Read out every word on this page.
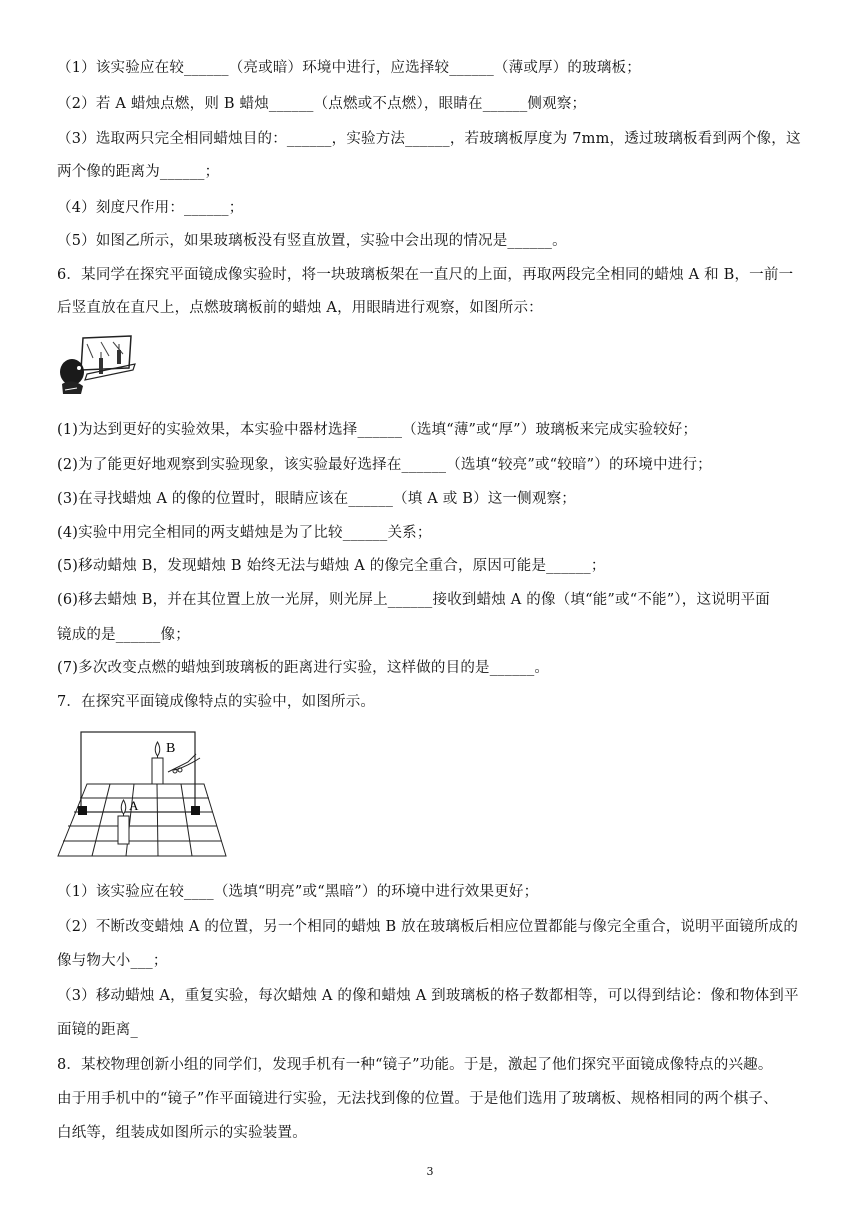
（1）该实验应在较______（亮或暗）环境中进行，应选择较______（薄或厚）的玻璃板；
（2）若 A 蜡烛点燃，则 B 蜡烛______（点燃或不点燃），眼睛在______侧观察；
（3）选取两只完全相同蜡烛目的：______，实验方法______，若玻璃板厚度为 7mm，透过玻璃板看到两个像，这
两个像的距离为______；
（4）刻度尺作用：______；
（5）如图乙所示，如果玻璃板没有竖直放置，实验中会出现的情况是______。
6．某同学在探究平面镜成像实验时，将一块玻璃板架在一直尺的上面，再取两段完全相同的蜡烛 A 和 B，一前一
后竖直放在直尺上，点燃玻璃板前的蜡烛 A，用眼睛进行观察，如图所示：
(1)为达到更好的实验效果，本实验中器材选择______（选填“薄”或“厚”）玻璃板来完成实验较好；
(2)为了能更好地观察到实验现象，该实验最好选择在______（选填“较亮”或“较暗”）的环境中进行；
(3)在寻找蜡烛 A 的像的位置时，眼睛应该在______（填 A 或 B）这一侧观察；
(4)实验中用完全相同的两支蜡烛是为了比较______关系；
(5)移动蜡烛 B，发现蜡烛 B 始终无法与蜡烛 A 的像完全重合，原因可能是______；
(6)移去蜡烛 B，并在其位置上放一光屏，则光屏上______接收到蜡烛 A 的像（填“能”或“不能”），这说明平面
镜成的是______像；
(7)多次改变点燃的蜡烛到玻璃板的距离进行实验，这样做的目的是______。
7．在探究平面镜成像特点的实验中，如图所示。
B
A
（1）该实验应在较____（选填“明亮”或“黑暗”）的环境中进行效果更好；
（2）不断改变蜡烛 A 的位置，另一个相同的蜡烛 B 放在玻璃板后相应位置都能与像完全重合，说明平面镜所成的
像与物大小___；
（3）移动蜡烛 A，重复实验，每次蜡烛 A 的像和蜡烛 A 到玻璃板的格子数都相等，可以得到结论：像和物体到平
面镜的距离_
8．某校物理创新小组的同学们，发现手机有一种“镜子”功能。于是，激起了他们探究平面镜成像特点的兴趣。
由于用手机中的“镜子”作平面镜进行实验，无法找到像的位置。于是他们选用了玻璃板、规格相同的两个棋子、
白纸等，组装成如图所示的实验装置。
3
